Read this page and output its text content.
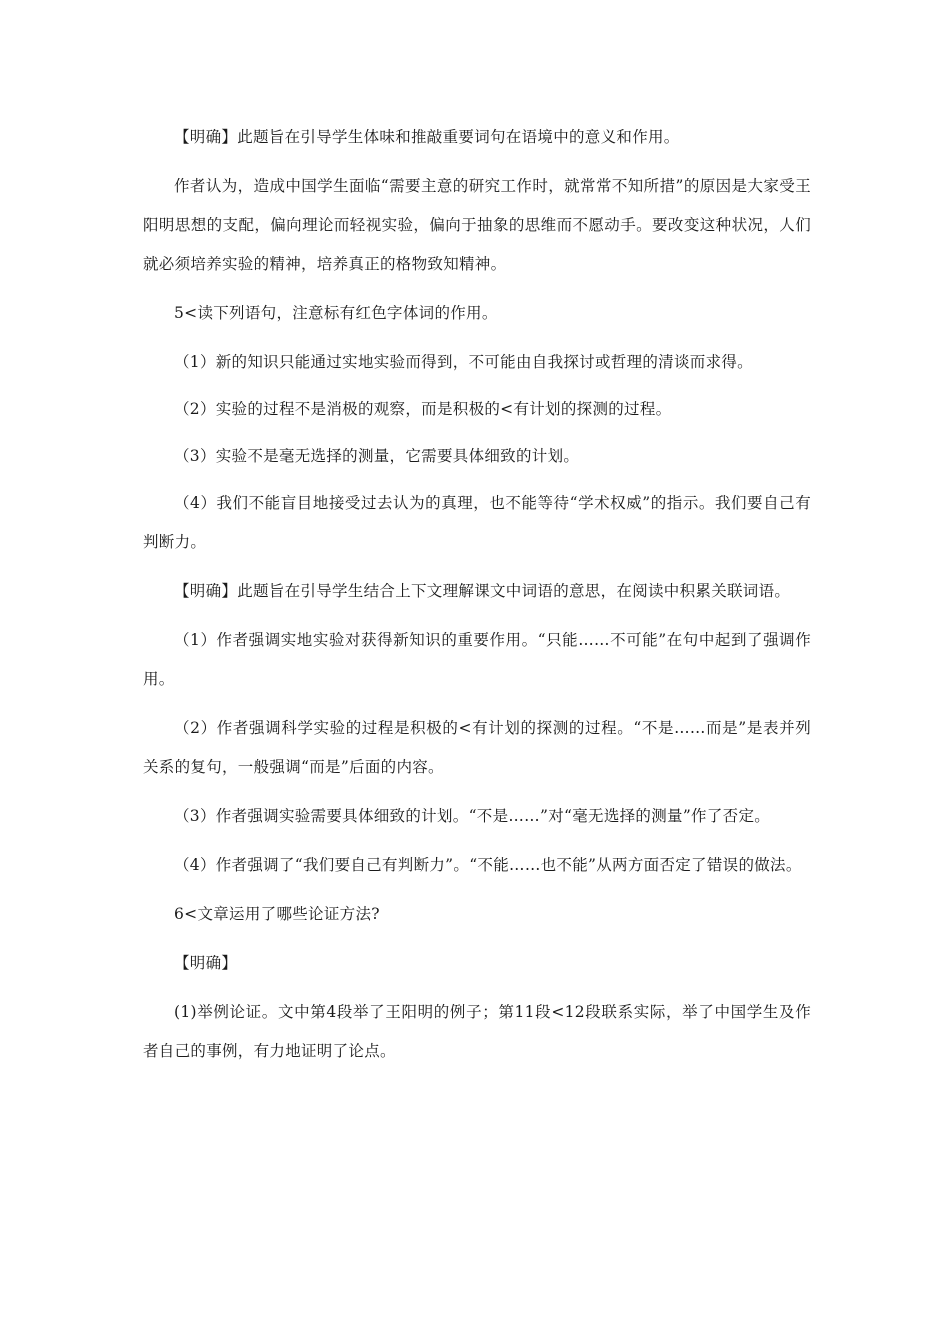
【明确】此题旨在引导学生体味和推敲重要词句在语境中的意义和作用。

作者认为，造成中国学生面临“需要主意的研究工作时，就常常不知所措”的原因是大家受王阳明思想的支配，偏向理论而轻视实验，偏向于抽象的思维而不愿动手。要改变这种状况，人们就必须培养实验的精神，培养真正的格物致知精神。

5<读下列语句，注意标有红色字体词的作用。

（1）新的知识只能通过实地实验而得到，不可能由自我探讨或哲理的清谈而求得。

（2）实验的过程不是消极的观察，而是积极的<有计划的探测的过程。

（3）实验不是毫无选择的测量，它需要具体细致的计划。

（4）我们不能盲目地接受过去认为的真理，也不能等待“学术权威”的指示。我们要自己有判断力。

【明确】此题旨在引导学生结合上下文理解课文中词语的意思，在阅读中积累关联词语。

（1）作者强调实地实验对获得新知识的重要作用。“只能……不可能”在句中起到了强调作用。

（2）作者强调科学实验的过程是积极的<有计划的探测的过程。“不是……而是”是表并列关系的复句，一般强调“而是”后面的内容。

（3）作者强调实验需要具体细致的计划。“不是……”对“毫无选择的测量”作了否定。

（4）作者强调了“我们要自己有判断力”。“不能……也不能”从两方面否定了错误的做法。

6<文章运用了哪些论证方法?

【明确】

(1)举例论证。文中第4段举了王阳明的例子；第11段<12段联系实际，举了中国学生及作者自己的事例，有力地证明了论点。
